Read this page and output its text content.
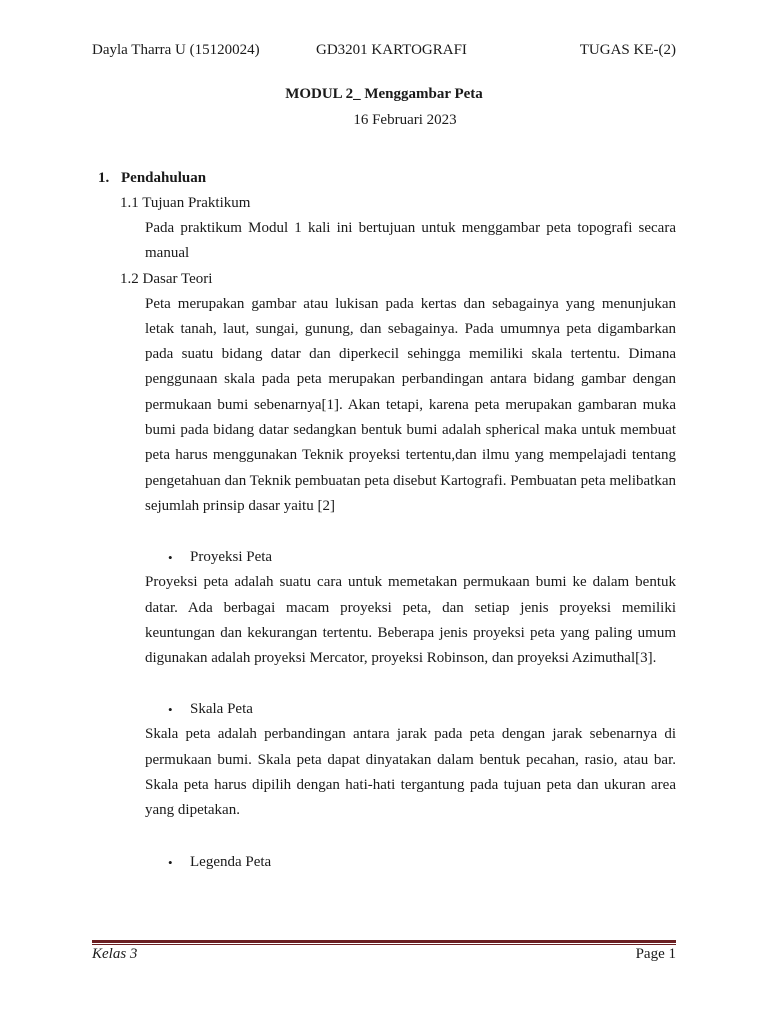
Dayla Tharra U (15120024)	GD3201 KARTOGRAFI	TUGAS KE-(2)
MODUL 2_ Menggambar Peta
16 Februari 2023
1. Pendahuluan
1.1 Tujuan Praktikum

Pada praktikum Modul 1 kali ini bertujuan untuk menggambar peta topografi secara manual

1.2 Dasar Teori

Peta merupakan gambar atau lukisan pada kertas dan sebagainya yang menunjukan letak tanah, laut, sungai, gunung, dan sebagainya. Pada umumnya peta digambarkan pada suatu bidang datar dan diperkecil sehingga memiliki skala tertentu. Dimana penggunaan skala pada peta merupakan perbandingan antara bidang gambar dengan permukaan bumi sebenarnya[1]. Akan tetapi, karena peta merupakan gambaran muka bumi pada bidang datar sedangkan bentuk bumi adalah spherical maka untuk membuat peta harus menggunakan Teknik proyeksi tertentu,dan ilmu yang mempelajadi tentang pengetahuan dan Teknik pembuatan peta disebut Kartografi. Pembuatan peta melibatkan sejumlah prinsip dasar yaitu [2]

• Proyeksi Peta

Proyeksi peta adalah suatu cara untuk memetakan permukaan bumi ke dalam bentuk datar. Ada berbagai macam proyeksi peta, dan setiap jenis proyeksi memiliki keuntungan dan kekurangan tertentu. Beberapa jenis proyeksi peta yang paling umum digunakan adalah proyeksi Mercator, proyeksi Robinson, dan proyeksi Azimuthal[3].

• Skala Peta

Skala peta adalah perbandingan antara jarak pada peta dengan jarak sebenarnya di permukaan bumi. Skala peta dapat dinyatakan dalam bentuk pecahan, rasio, atau bar. Skala peta harus dipilih dengan hati-hati tergantung pada tujuan peta dan ukuran area yang dipetakan.

• Legenda Peta
Kelas 3	Page 1
